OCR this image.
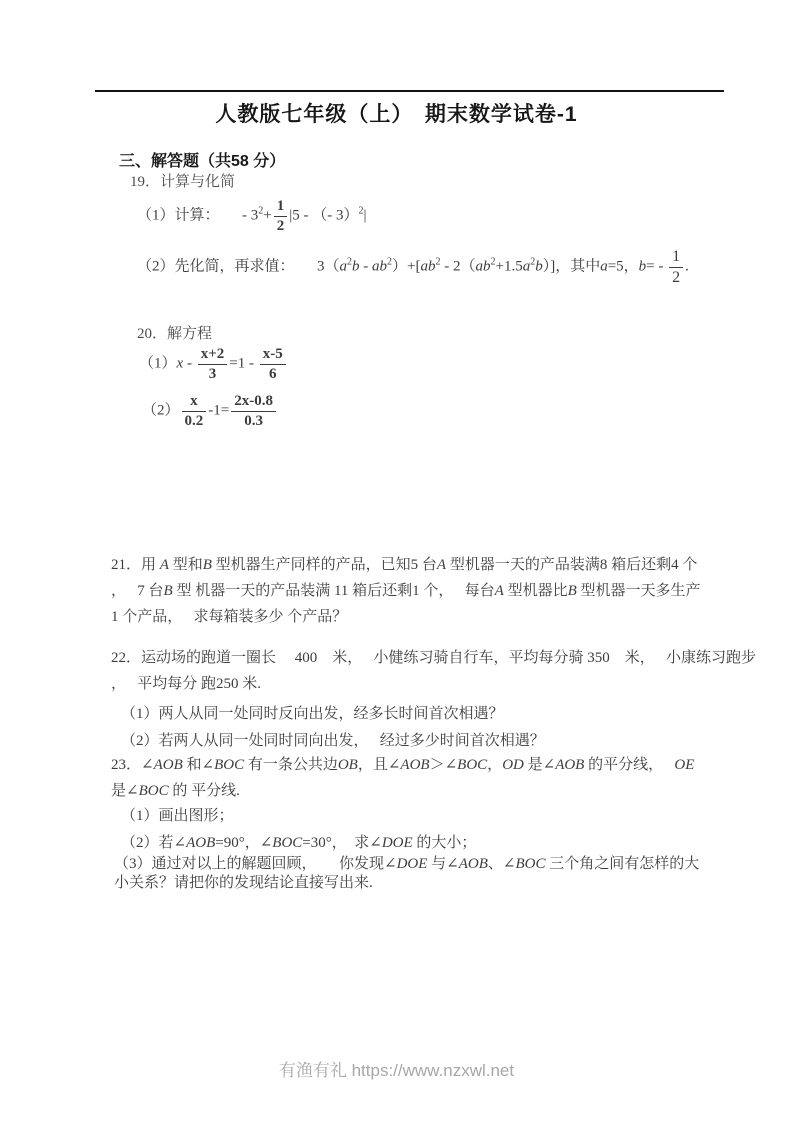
人教版七年级（上）　期末数学试卷-1
三、解答题（共58 分）
19．计算与化简
（1）计算：　　- $3^2+ \frac{1}{2} |5$ - （- 3）$^2$|
（2）先化简，再求值：　　$3(a^2b - ab^2)+[ab^2 - 2(ab^2+1.5a^2b)]$，其中a=5，$b= - \frac{1}{2}$ .
20．解方程
$(1)x - \frac{x+2}{3} =1 - \frac{x-5}{6}$
$(2) \frac{x}{0.2} -1= \frac{2x-0.8}{0.3}$
21．用 A 型和B 型机器生产同样的产品，已知5 台A 型机器一天的产品装满8 箱后还剩4 个
，　 7 台B 型 机器一天的产品装满 11 箱后还剩1 个，　 每台A 型机器比B 型机器一天多生产
1 个产品，　 求每箱装多少 个产品？
22．运动场的跑道一圈长　 400　米，　 小健练习骑自行车，平均每分骑 350　米，　 小康练习跑步
，　 平均每分 跑250 米.
（1）两人从同一处同时反向出发，经多长时间首次相遇？
（2）若两人从同一处同时同向出发，　 经过多少时间首次相遇？
23．∠AOB 和∠BOC 有一条公共边OB，且∠AOB＞∠BOC，OD 是∠AOB 的平分线，　 OE
是∠BOC 的 平分线.
（1）画出图形；
（2）若∠AOB=90°，∠BOC=30°，　求∠DOE 的大小；
（3）通过对以上的解题回顾，　　你发现∠DOE 与∠AOB、∠BOC 三个角之间有怎样的大
小关系？请把你的发现结论直接写出来.
有渔有礼 https://www.nzxwl.net
